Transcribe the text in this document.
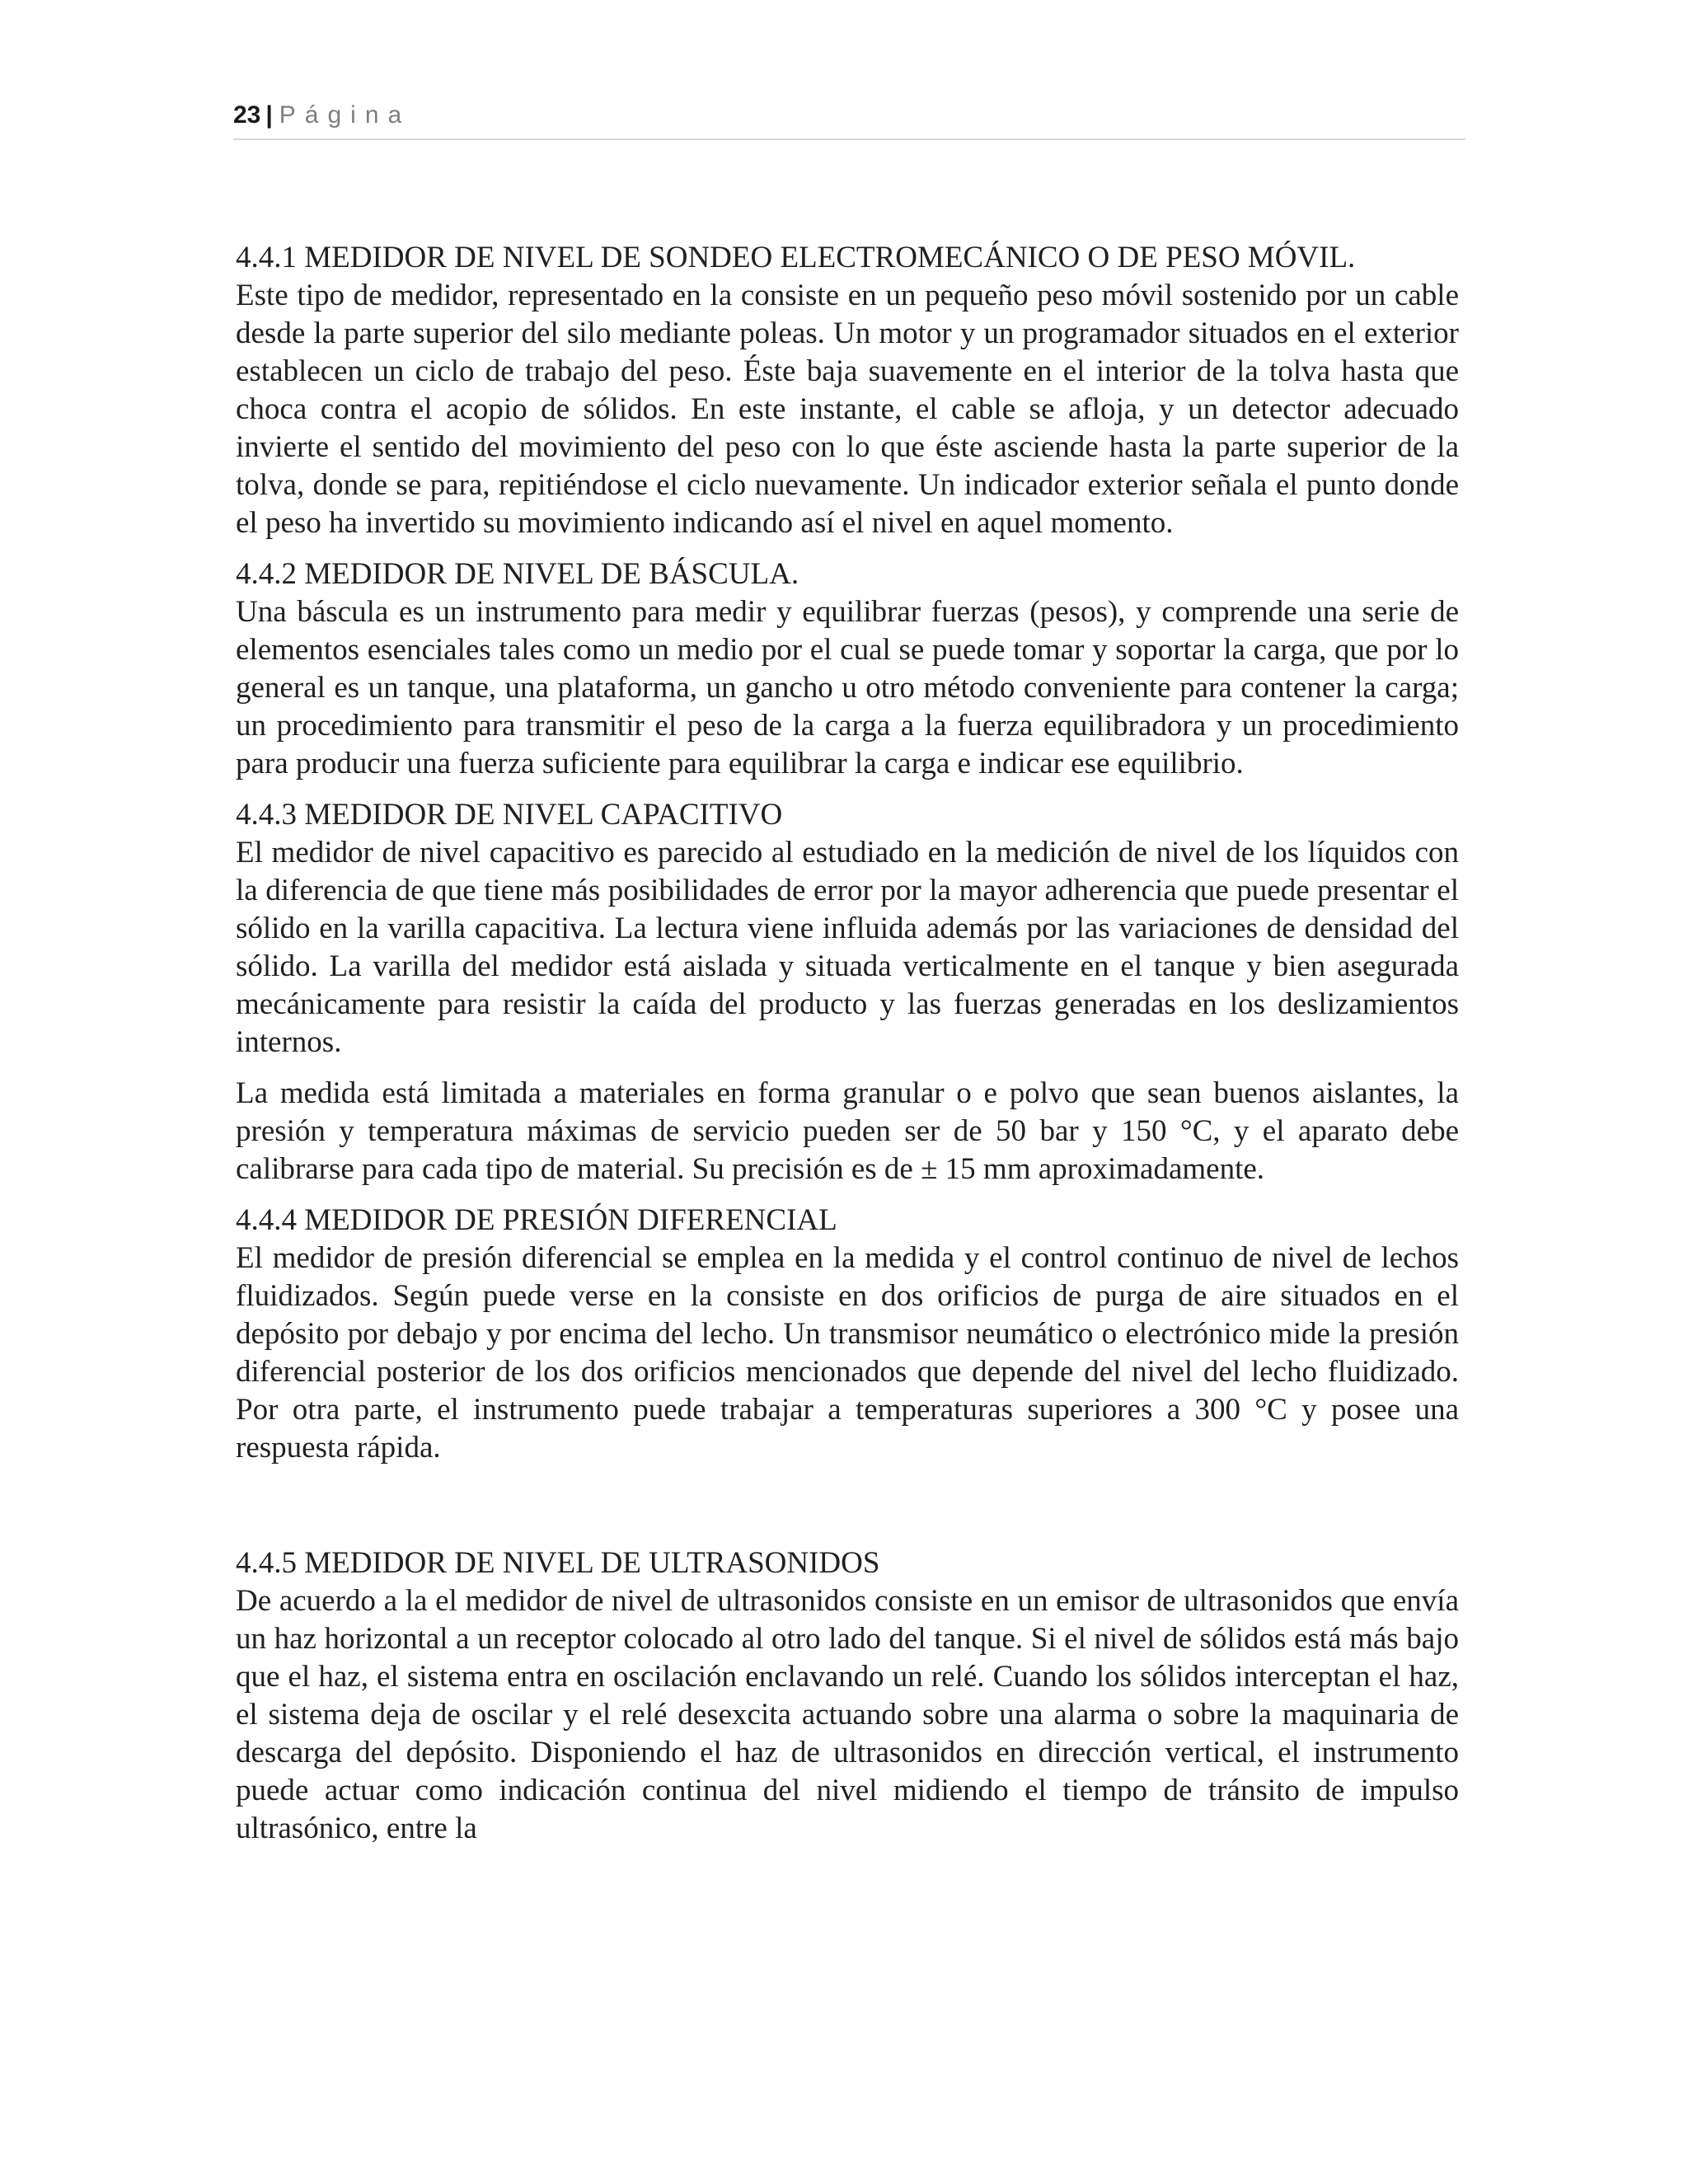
23 | Página
4.4.1 MEDIDOR DE NIVEL DE SONDEO ELECTROMECÁNICO O DE PESO MÓVIL.

Este tipo de medidor, representado en la consiste en un pequeño peso móvil sostenido por un cable desde la parte superior del silo mediante poleas. Un motor y un programador situados en el exterior establecen un ciclo de trabajo del peso. Éste baja suavemente en el interior de la tolva hasta que choca contra el acopio de sólidos. En este instante, el cable se afloja, y un detector adecuado invierte el sentido del movimiento del peso con lo que éste asciende hasta la parte superior de la tolva, donde se para, repitiéndose el ciclo nuevamente. Un indicador exterior señala el punto donde el peso ha invertido su movimiento indicando así el nivel en aquel momento.

4.4.2 MEDIDOR DE NIVEL DE BÁSCULA.

Una báscula es un instrumento para medir y equilibrar fuerzas (pesos), y comprende una serie de elementos esenciales tales como un medio por el cual se puede tomar y soportar la carga, que por lo general es un tanque, una plataforma, un gancho u otro método conveniente para contener la carga; un procedimiento para transmitir el peso de la carga a la fuerza equilibradora y un procedimiento para producir una fuerza suficiente para equilibrar la carga e indicar ese equilibrio.

4.4.3 MEDIDOR DE NIVEL CAPACITIVO

El medidor de nivel capacitivo es parecido al estudiado en la medición de nivel de los líquidos con la diferencia de que tiene más posibilidades de error por la mayor adherencia que puede presentar el sólido en la varilla capacitiva. La lectura viene influida además por las variaciones de densidad del sólido. La varilla del medidor está aislada y situada verticalmente en el tanque y bien asegurada mecánicamente para resistir la caída del producto y las fuerzas generadas en los deslizamientos internos.

La medida está limitada a materiales en forma granular o e polvo que sean buenos aislantes, la presión y temperatura máximas de servicio pueden ser de 50 bar y 150 °C, y el aparato debe calibrarse para cada tipo de material. Su precisión es de ± 15 mm aproximadamente.

4.4.4 MEDIDOR DE PRESIÓN DIFERENCIAL

El medidor de presión diferencial se emplea en la medida y el control continuo de nivel de lechos fluidizados. Según puede verse en la consiste en dos orificios de purga de aire situados en el depósito por debajo y por encima del lecho. Un transmisor neumático o electrónico mide la presión diferencial posterior de los dos orificios mencionados que depende del nivel del lecho fluidizado. Por otra parte, el instrumento puede trabajar a temperaturas superiores a 300 °C y posee una respuesta rápida.

4.4.5 MEDIDOR DE NIVEL DE ULTRASONIDOS

De acuerdo a la el medidor de nivel de ultrasonidos consiste en un emisor de ultrasonidos que envía un haz horizontal a un receptor colocado al otro lado del tanque. Si el nivel de sólidos está más bajo que el haz, el sistema entra en oscilación enclavando un relé. Cuando los sólidos interceptan el haz, el sistema deja de oscilar y el relé desexcita actuando sobre una alarma o sobre la maquinaria de descarga del depósito. Disponiendo el haz de ultrasonidos en dirección vertical, el instrumento puede actuar como indicación continua del nivel midiendo el tiempo de tránsito de impulso ultrasónico, entre la
